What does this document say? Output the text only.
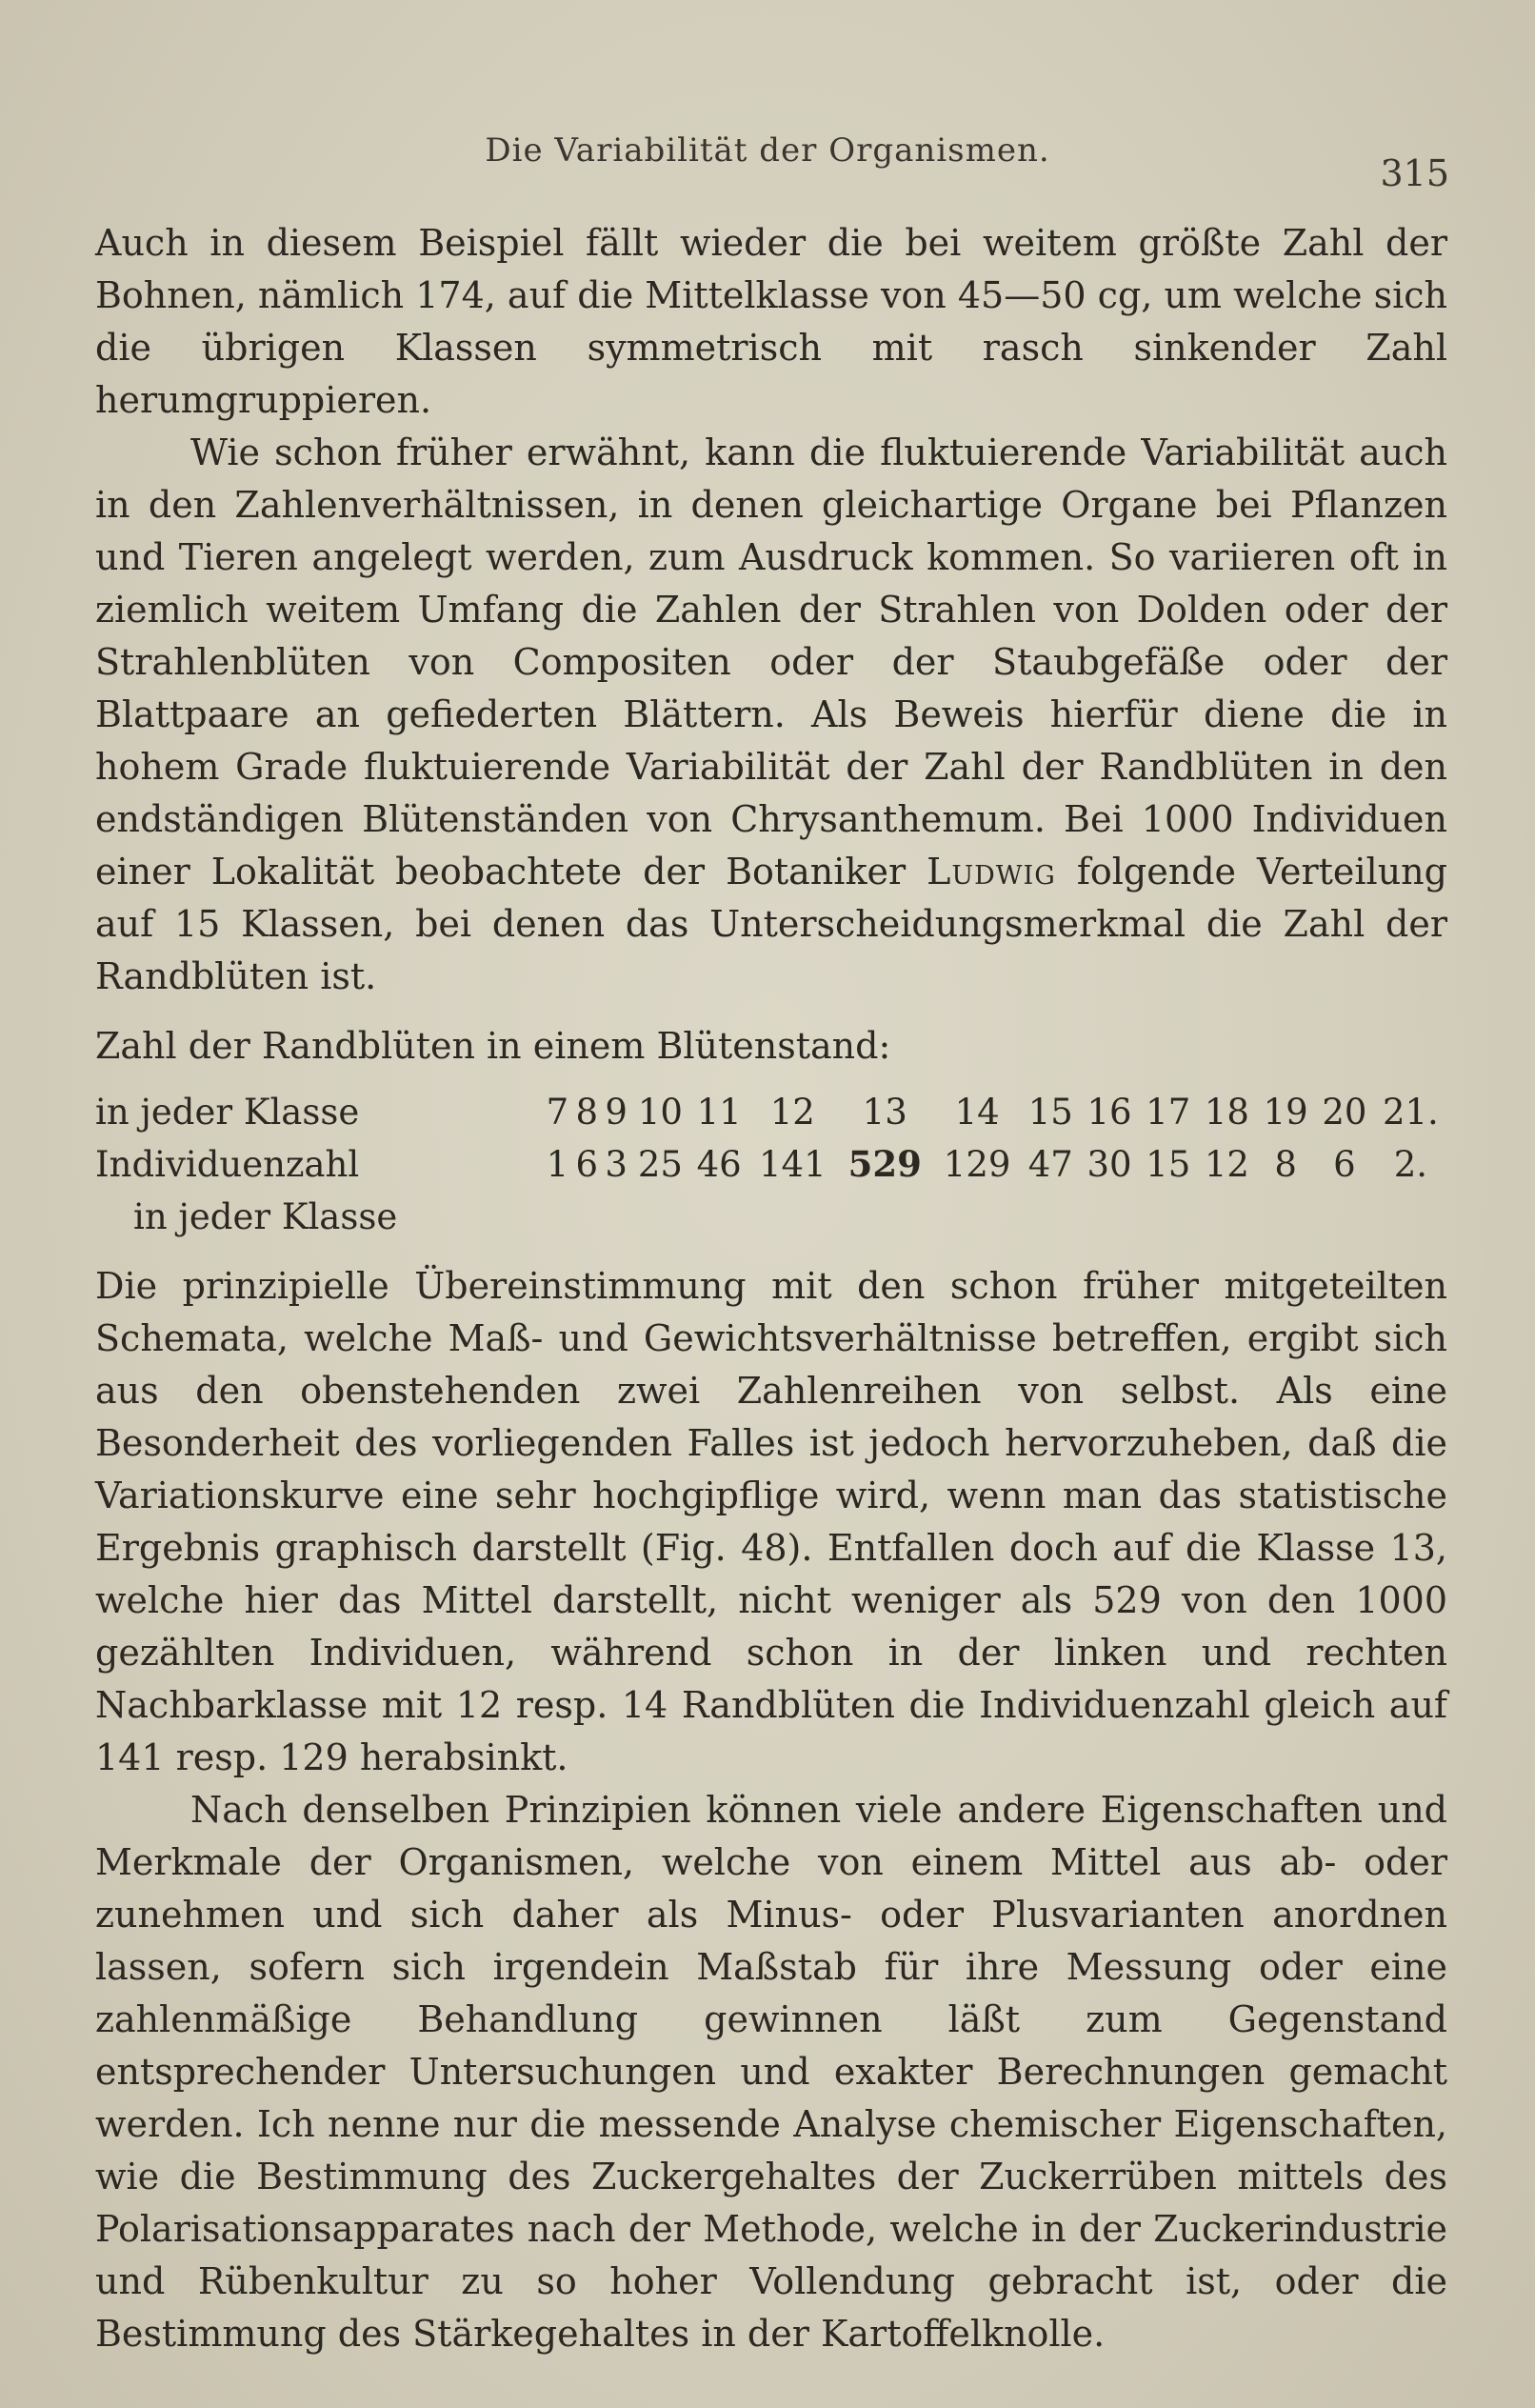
Die Variabilität der Organismen.
315

Auch in diesem Beispiel fällt wieder die bei weitem größte Zahl der Bohnen, nämlich 174, auf die Mittelklasse von 45—50 cg, um welche sich die übrigen Klassen symmetrisch mit rasch sinkender Zahl herumgruppieren.

Wie schon früher erwähnt, kann die fluktuierende Variabilität auch in den Zahlenverhältnissen, in denen gleichartige Organe bei Pflanzen und Tieren angelegt werden, zum Ausdruck kommen. So variieren oft in ziemlich weitem Umfang die Zahlen der Strahlen von Dolden oder der Strahlenblüten von Compositen oder der Staubgefäße oder der Blattpaare an gefiederten Blättern. Als Beweis hierfür diene die in hohem Grade fluktuierende Variabilität der Zahl der Randblüten in den endständigen Blütenständen von Chrysanthemum. Bei 1000 Individuen einer Lokalität beobachtete der Botaniker Ludwig folgende Verteilung auf 15 Klassen, bei denen das Unterscheidungsmerkmal die Zahl der Randblüten ist.

Zahl der Randblüten in einem Blütenstand:

in jeder Klasse	7	8	9	10	11	12	13	14	15	16	17	18	19	20	21.
Individuenzahl	1	6	3	25	46	141	529	129	47	30	15	12	8	6	2.
in jeder Klasse															

Die prinzipielle Übereinstimmung mit den schon früher mitgeteilten Schemata, welche Maß- und Gewichtsverhältnisse betreffen, ergibt sich aus den obenstehenden zwei Zahlenreihen von selbst. Als eine Besonderheit des vorliegenden Falles ist jedoch hervorzuheben, daß die Variationskurve eine sehr hochgipflige wird, wenn man das statistische Ergebnis graphisch darstellt (Fig. 48). Entfallen doch auf die Klasse 13, welche hier das Mittel darstellt, nicht weniger als 529 von den 1000 gezählten Individuen, während schon in der linken und rechten Nachbarklasse mit 12 resp. 14 Randblüten die Individuenzahl gleich auf 141 resp. 129 herabsinkt.

Nach denselben Prinzipien können viele andere Eigenschaften und Merkmale der Organismen, welche von einem Mittel aus ab- oder zunehmen und sich daher als Minus- oder Plusvarianten anordnen lassen, sofern sich irgendein Maßstab für ihre Messung oder eine zahlenmäßige Behandlung gewinnen läßt zum Gegenstand entsprechender Untersuchungen und exakter Berechnungen gemacht werden. Ich nenne nur die messende Analyse chemischer Eigenschaften, wie die Bestimmung des Zuckergehaltes der Zuckerrüben mittels des Polarisationsapparates nach der Methode, welche in der Zuckerindustrie und Rübenkultur zu so hoher Vollendung gebracht ist, oder die Bestimmung des Stärkegehaltes in der Kartoffelknolle.
